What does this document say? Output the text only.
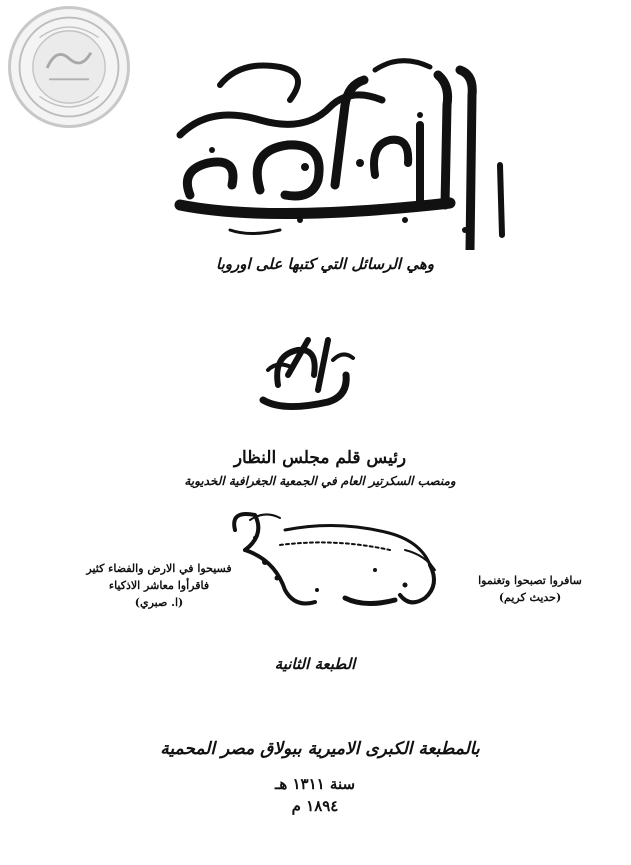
وهي الرسائل التي كتبها على اوروبا
رئيس قلم مجلس النظار
ومنصب السكرتير العام في الجمعية الجغرافية الخديوية
سافروا تصبحوا وتغنموا
(حديث كريم)
فسيحوا في الارض والفضاء كثير
فاقرأوا معاشر الاذكياء
(ا. صبري)
الطبعة الثانية
بالمطبعة الكبرى الاميرية ببولاق مصر المحمية
سنة ١٣١١ هـ
١٨٩٤ م
